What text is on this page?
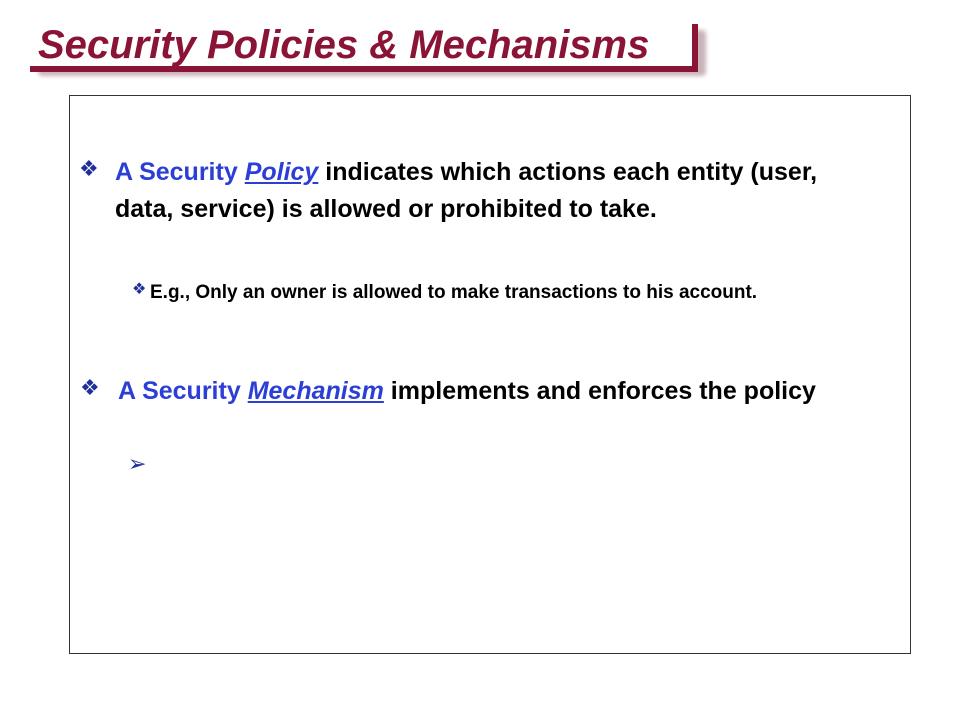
Security Policies & Mechanisms
❖ A Security Policy indicates which actions each entity (user, data, service) is allowed or prohibited to take.
❖ E.g., Only an owner is allowed to make transactions to his account.
❖ A Security Mechanism implements and enforces the policy
➢
